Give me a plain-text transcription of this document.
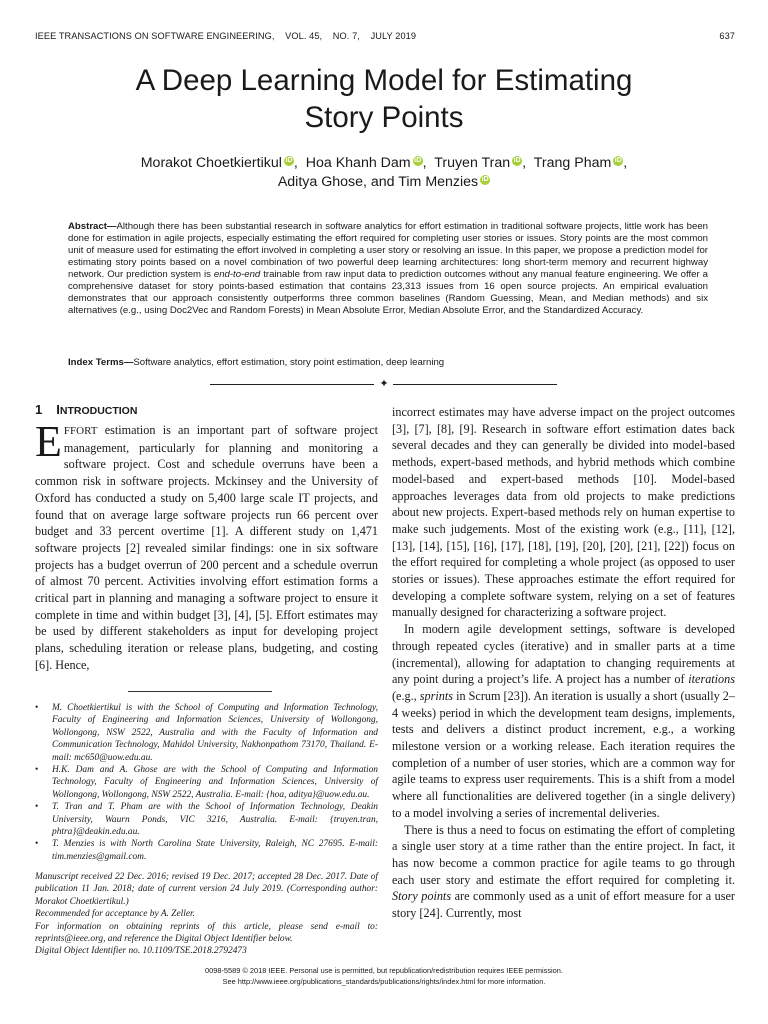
IEEE TRANSACTIONS ON SOFTWARE ENGINEERING,    VOL. 45,    NO. 7,    JULY 2019	637
A Deep Learning Model for Estimating
Story Points
Morakot Choetkiertikul iD ,  Hoa Khanh Dam iD ,  Truyen Tran iD ,  Trang Pham iD ,
Aditya Ghose, and Tim Menzies iD
Abstract—Although there has been substantial research in software analytics for effort estimation in traditional software projects, little work has been done for estimation in agile projects, especially estimating the effort required for completing user stories or issues. Story points are the most common unit of measure used for estimating the effort involved in completing a user story or resolving an issue. In this paper, we propose a prediction model for estimating story points based on a novel combination of two powerful deep learning architectures: long short-term memory and recurrent highway network. Our prediction system is end-to-end trainable from raw input data to prediction outcomes without any manual feature engineering. We offer a comprehensive dataset for story points-based estimation that contains 23,313 issues from 16 open source projects. An empirical evaluation demonstrates that our approach consistently outperforms three common baselines (Random Guessing, Mean, and Median methods) and six alternatives (e.g., using Doc2Vec and Random Forests) in Mean Absolute Error, Median Absolute Error, and the Standardized Accuracy.
Index Terms—Software analytics, effort estimation, story point estimation, deep learning
✦
1 INTRODUCTION

EFFORT estimation is an important part of software project management, particularly for planning and monitoring a software project. Cost and schedule overruns have been a common risk in software projects. Mckinsey and the University of Oxford has conducted a study on 5,400 large scale IT projects, and found that on average large software projects run 66 percent over budget and 33 percent overtime [1]. A different study on 1,471 software projects [2] revealed similar findings: one in six software projects has a budget overrun of 200 percent and a schedule overrun of almost 70 percent. Activities involving effort estimation forms a critical part in planning and managing a software project to ensure it complete in time and within budget [3], [4], [5]. Effort estimates may be used by different stakeholders as input for developing project plans, scheduling iteration or release plans, budgeting, and costing [6]. Hence,

• M. Choetkiertikul is with the School of Computing and Information Technology, Faculty of Engineering and Information Sciences, University of Wollongong, Wollongong, NSW 2522, Australia and with the Faculty of Information and Communication Technology, Mahidol University, Nakhonpathom 73170, Thailand. E-mail: mc650@uow.edu.au.
• H.K. Dam and A. Ghose are with the School of Computing and Information Technology, Faculty of Engineering and Information Sciences, University of Wollongong, Wollongong, NSW 2522, Australia. E-mail: {hoa, aditya}@uow.edu.au.
• T. Tran and T. Pham are with the School of Information Technology, Deakin University, Waurn Ponds, VIC 3216, Australia. E-mail: {truyen.tran, phtra}@deakin.edu.au.
• T. Menzies is with North Carolina State University, Raleigh, NC 27695. E-mail: tim.menzies@gmail.com.
Manuscript received 22 Dec. 2016; revised 19 Dec. 2017; accepted 28 Dec. 2017. Date of publication 11 Jan. 2018; date of current version 24 July 2019. (Corresponding author: Morakot Choetkiertikul.)
Recommended for acceptance by A. Zeller.
For information on obtaining reprints of this article, please send e-mail to: reprints@ieee.org, and reference the Digital Object Identifier below.
Digital Object Identifier no. 10.1109/TSE.2018.2792473

incorrect estimates may have adverse impact on the project outcomes [3], [7], [8], [9]. Research in software effort estimation dates back several decades and they can generally be divided into model-based methods, expert-based methods, and hybrid methods which combine model-based and expert-based methods [10]. Model-based approaches leverages data from old projects to make predictions about new projects. Expert-based methods rely on human expertise to make such judgements. Most of the existing work (e.g., [11], [12], [13], [14], [15], [16], [17], [18], [19], [20], [20], [21], [22]) focus on the effort required for completing a whole project (as opposed to user stories or issues). These approaches estimate the effort required for developing a complete software system, relying on a set of features manually designed for characterizing a software project.

In modern agile development settings, software is developed through repeated cycles (iterative) and in smaller parts at a time (incremental), allowing for adaptation to changing requirements at any point during a project’s life. A project has a number of iterations (e.g., sprints in Scrum [23]). An iteration is usually a short (usually 2–4 weeks) period in which the development team designs, implements, tests and delivers a distinct product increment, e.g., a working milestone version or a working release. Each iteration requires the completion of a number of user stories, which are a common way for agile teams to express user requirements. This is a shift from a model where all functionalities are delivered together (in a single delivery) to a model involving a series of incremental deliveries.

There is thus a need to focus on estimating the effort of completing a single user story at a time rather than the entire project. In fact, it has now become a common practice for agile teams to go through each user story and estimate the effort required for completing it. Story points are commonly used as a unit of effort measure for a user story [24]. Currently, most

0098-5589 © 2018 IEEE. Personal use is permitted, but republication/redistribution requires IEEE permission.
See http://www.ieee.org/publications_standards/publications/rights/index.html for more information.
